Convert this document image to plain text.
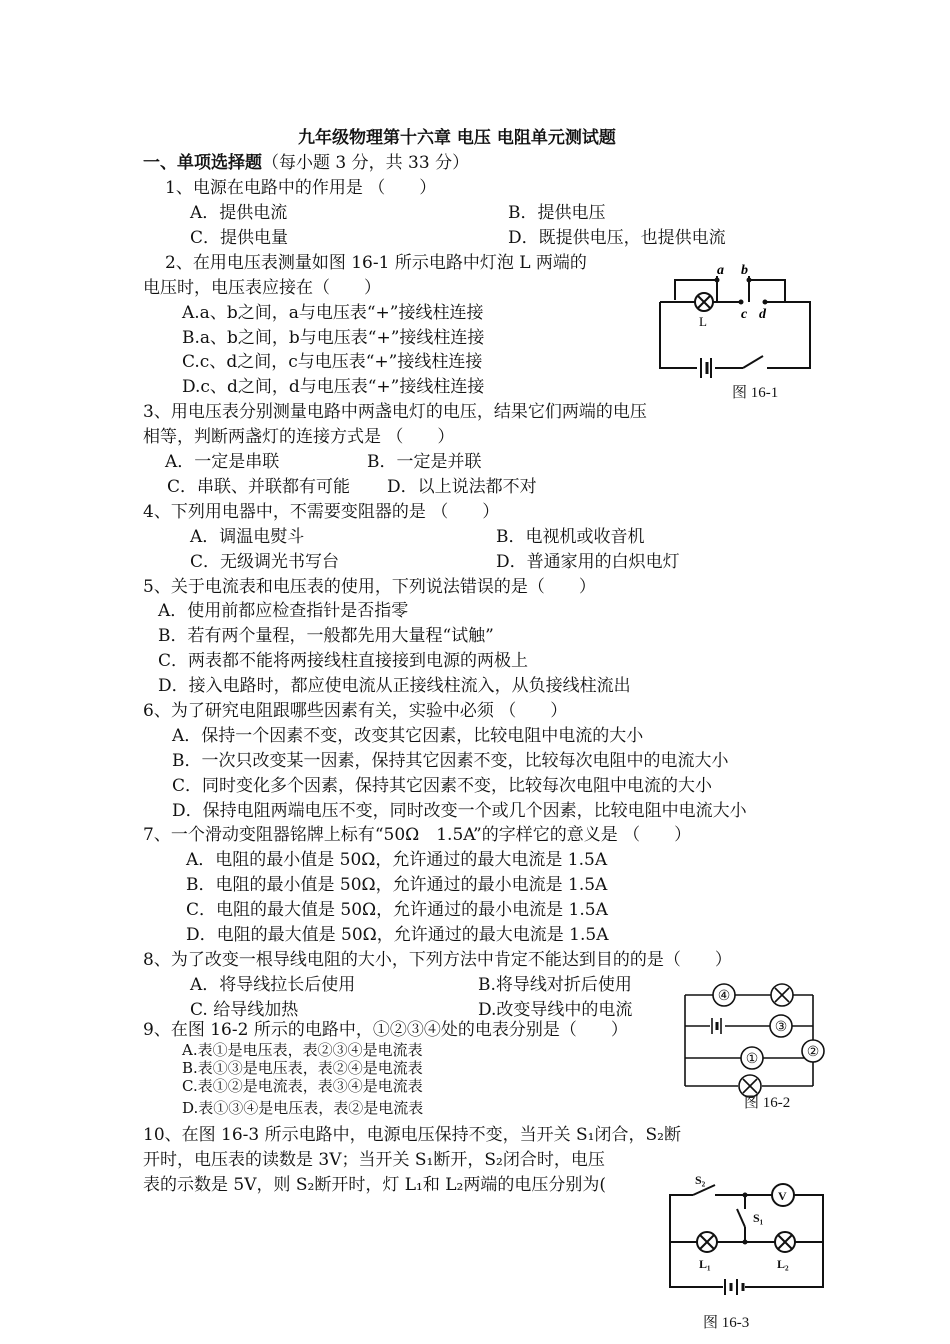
九年级物理第十六章 电压 电阻单元测试题
一、单项选择题（每小题 3 分，共 33 分）
1、电源在电路中的作用是 （　　）
A．提供电流	B．提供电压
C．提供电量	D．既提供电压，也提供电流
2、在用电压表测量如图 16-1 所示电路中灯泡 L 两端的
电压时，电压表应接在（　　）
A.a、b之间，a与电压表“+”接线柱连接
B.a、b之间，b与电压表“+”接线柱连接
C.c、d之间，c与电压表“+”接线柱连接
D.c、d之间，d与电压表“+”接线柱连接
a b
c d
L
图 16-1
3、用电压表分别测量电路中两盏电灯的电压，结果它们两端的电压
相等，判断两盏灯的连接方式是 （　　）
A．一定是串联	B．一定是并联
C．串联、并联都有可能 D．以上说法都不对
4、下列用电器中，不需要变阻器的是 （　　）
A．调温电熨斗	B．电视机或收音机
C．无级调光书写台	D．普通家用的白炽电灯
5、关于电流表和电压表的使用，下列说法错误的是（　　）
A．使用前都应检查指针是否指零
B．若有两个量程，一般都先用大量程“试触”
C．两表都不能将两接线柱直接接到电源的两极上
D．接入电路时，都应使电流从正接线柱流入，从负接线柱流出
6、为了研究电阻跟哪些因素有关，实验中必须 （　　）
A．保持一个因素不变，改变其它因素，比较电阻中电流的大小
B．一次只改变某一因素，保持其它因素不变，比较每次电阻中的电流大小
C．同时变化多个因素，保持其它因素不变，比较每次电阻中电流的大小
D．保持电阻两端电压不变，同时改变一个或几个因素，比较电阻中电流大小
7、一个滑动变阻器铭牌上标有“50Ω　1.5A”的字样它的意义是 （　　）
A．电阻的最小值是 50Ω，允许通过的最大电流是 1.5A
B．电阻的最小值是 50Ω，允许通过的最小电流是 1.5A
C．电阻的最大值是 50Ω，允许通过的最小电流是 1.5A
D．电阻的最大值是 50Ω，允许通过的最大电流是 1.5A
8、为了改变一根导线电阻的大小，下列方法中肯定不能达到目的的是（　　）
A．将导线拉长后使用	B.将导线对折后使用
C. 给导线加热	D.改变导线中的电流
④
③
②
①
图 16-2
9、在图 16-2 所示的电路中，①②③④处的电表分别是（　　）
A.表①是电压表，表②③④是电流表
B.表①③是电压表，表②④是电流表
C.表①②是电流表，表③④是电流表
D.表①③④是电压表，表②是电流表
10、在图 16-3 所示电路中，电源电压保持不变，当开关 S₁闭合，S₂断
开时，电压表的读数是 3V；当开关 S₁断开，S₂闭合时，电压
表的示数是 5V，则 S₂断开时，灯 L₁和 L₂两端的电压分别为(	S₂
S₁
V
L₁	L₂
图 16-3
